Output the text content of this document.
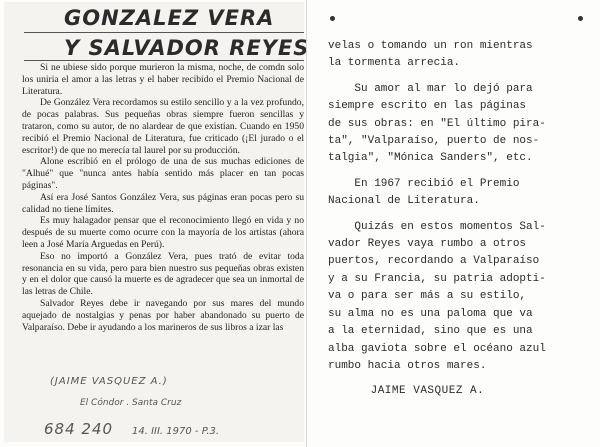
GONZALEZ VERA
Y SALVADOR REYES

Si ne ubiese sido porque murieron la misma, noche, de comdn solo los uniria el amor a las letras y el haber recibido el Premio Nacional de Literatura.

De González Vera recordamos su estilo sencillo y a la vez profundo, de pocas palabras. Sus pequeñas obras siempre fueron sencillas y trataron, como su autor, de no alardear de que existían. Cuando en 1950 recibió el Premio Nacional de Literatura, fue criticado (¡El jurado o el escritor!) de que no merecía tal laurel por su producción.

Alone escribió en el prólogo de una de sus muchas ediciones de "Alhué" que "nunca antes había sentido más placer en tan pocas páginas".

Así era José Santos González Vera, sus páginas eran pocas pero su calidad no tiene límites.

Es muy halagador pensar que el reconocimiento llegó en vida y no después de su muerte como ocurre con la mayoría de los artistas (ahora leen a José María Arguedas en Perú).

Eso no importó a González Vera, pues trató de evitar toda resonancia en su vida, pero para bien nuestro sus pequeñas obras existen y en el dolor que causó la muerte es de agradecer que sea un inmortal de las letras de Chile.

Salvador Reyes debe ir navegando por sus mares del mundo aquejado de nostalgias y penas por haber abandonado su puerto de Valparaíso. Debe ir ayudando a los marineros de sus libros a izar las

(JAIME VASQUEZ A.)
El Cóndor . Santa Cruz
684 240 14. III. 1970 - P.3.

velas o tomando un ron mientras
la tormenta arrecia.

Su amor al mar lo dejó para
siempre escrito en las páginas
de sus obras: en "El último pira-
ta", "Valparaíso, puerto de nos-
talgia", "Mónica Sanders", etc.

En 1967 recibió el Premio
Nacional de Literatura.

Quizás en estos momentos Sal-
vador Reyes vaya rumbo a otros
puertos, recordando a Valparaíso
y a su Francia, su patria adopti-
va o para ser más a su estilo,
su alma no es una paloma que va
a la eternidad, sino que es una
alba gaviota sobre el océano azul
rumbo hacia otros mares.

JAIME VASQUEZ A.
